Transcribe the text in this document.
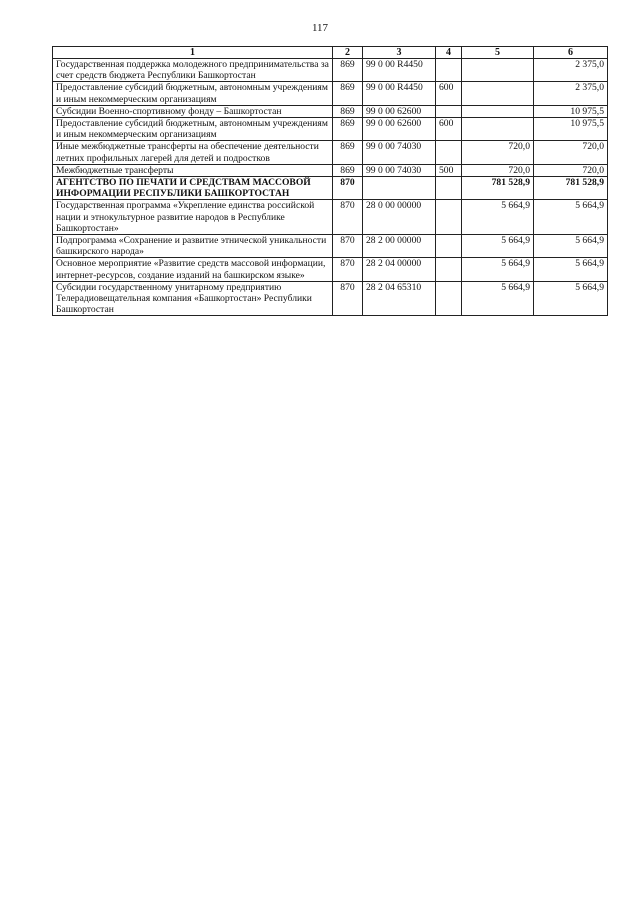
117
1	2	3	4	5	6
Государственная поддержка молодежного предпринимательства за счет средств бюджета Республики Башкортостан	869	99 0 00 R4450			2 375,0
Предоставление субсидий бюджетным, автономным учреждениям и иным некоммерческим организациям	869	99 0 00 R4450	600		2 375,0
Субсидии Военно-спортивному фонду – Башкортостан	869	99 0 00 62600			10 975,5
Предоставление субсидий бюджетным, автономным учреждениям и иным некоммерческим организациям	869	99 0 00 62600	600		10 975,5
Иные межбюджетные трансферты на обеспечение деятельности летних профильных лагерей для детей и подростков	869	99 0 00 74030		720,0	720,0
Межбюджетные трансферты	869	99 0 00 74030	500	720,0	720,0
АГЕНТСТВО ПО ПЕЧАТИ И СРЕДСТВАМ МАССОВОЙ ИНФОРМАЦИИ РЕСПУБЛИКИ БАШКОРТОСТАН	870			781 528,9	781 528,9
Государственная программа «Укрепление единства российской нации и этнокультурное развитие народов в Республике Башкортостан»	870	28 0 00 00000		5 664,9	5 664,9
Подпрограмма «Сохранение и развитие этнической уникальности башкирского народа»	870	28 2 00 00000		5 664,9	5 664,9
Основное мероприятие «Развитие средств массовой информации, интернет-ресурсов, создание изданий на башкирском языке»	870	28 2 04 00000		5 664,9	5 664,9
Субсидии государственному унитарному предприятию Телерадиовещательная компания «Башкортостан» Республики Башкортостан	870	28 2 04 65310		5 664,9	5 664,9
